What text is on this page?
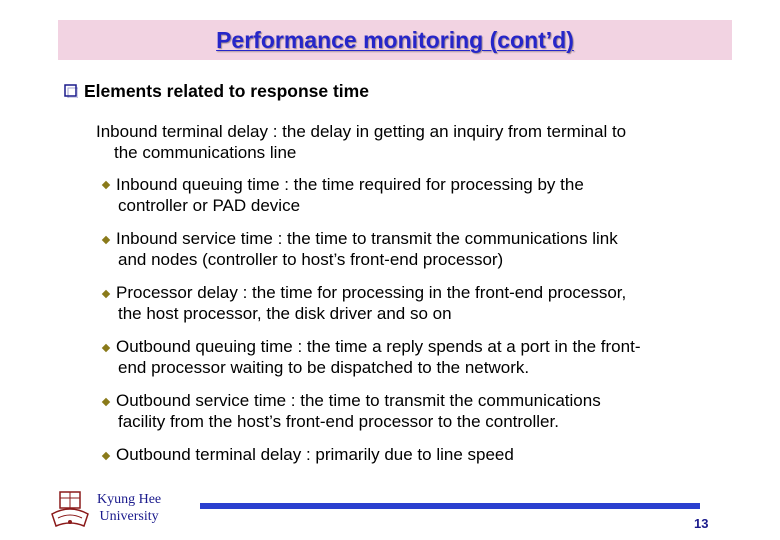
Performance monitoring (cont’d)
Elements related to response time
Inbound terminal delay : the delay in getting an inquiry from terminal to
the communications line
Inbound queuing time : the time required for processing by the
controller or PAD device
Inbound service time : the time to transmit the communications link
and nodes (controller to host’s front-end processor)
Processor delay : the time for processing in the front-end processor,
the host processor, the disk driver and so on
Outbound queuing time : the time a reply spends at a port in the front-
end processor waiting to be dispatched to the network.
Outbound service time : the time to transmit the communications
facility from the host’s front-end processor to the controller.
Outbound terminal delay : primarily due to line speed
Kyung Hee
University	13
